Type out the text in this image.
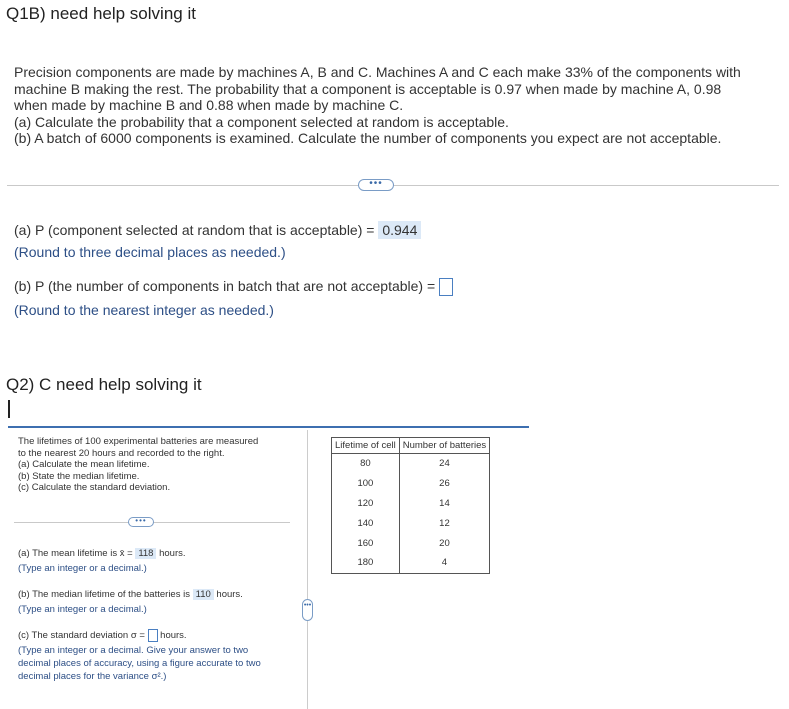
Q1B) need help solving it
Precision components are made by machines A, B and C. Machines A and C each make 33% of the components with
machine B making the rest. The probability that a component is acceptable is 0.97 when made by machine A, 0.98
when made by machine B and 0.88 when made by machine C.
(a) Calculate the probability that a component selected at random is acceptable.
(b) A batch of 6000 components is examined. Calculate the number of components you expect are not acceptable.
•••
(a) P (component selected at random that is acceptable) = 0.944
(Round to three decimal places as needed.)
(b) P (the number of components in batch that are not acceptable) =
(Round to the nearest integer as needed.)
Q2) C need help solving it
The lifetimes of 100 experimental batteries are measured
to the nearest 20 hours and recorded to the right.
(a) Calculate the mean lifetime.
(b) State the median lifetime.
(c) Calculate the standard deviation.
•••
(a) The mean lifetime is x̄ = 118 hours.
(Type an integer or a decimal.)
(b) The median lifetime of the batteries is 110 hours.
(Type an integer or a decimal.)
(c) The standard deviation σ =  hours.
(Type an integer or a decimal. Give your answer to two
decimal places of accuracy, using a figure accurate to two
decimal places for the variance σ².)
•••
Lifetime of cell	Number of batteries
80	24
100	26
120	14
140	12
160	20
180	4
